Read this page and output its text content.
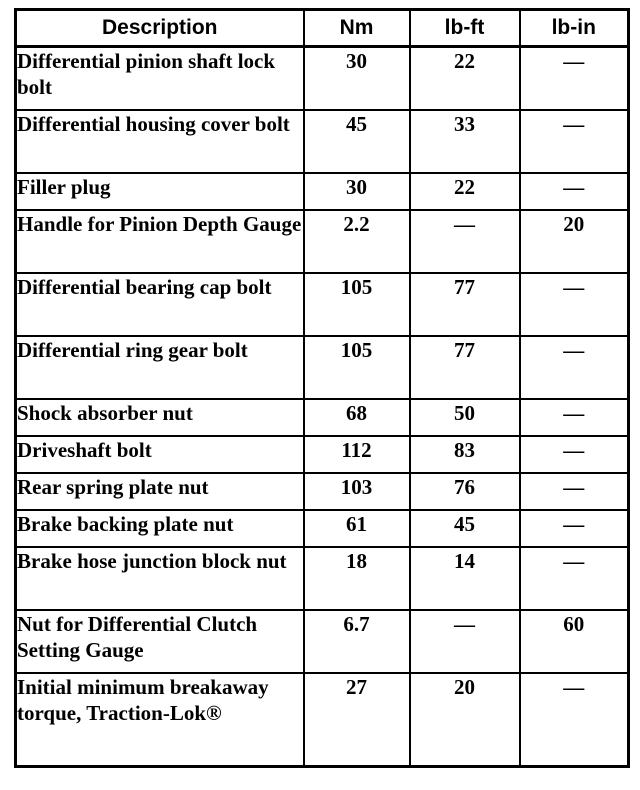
Description	Nm	lb-ft	lb-in
Differential pinion shaft lock bolt	30	22	—
Differential housing cover bolt	45	33	—
Filler plug	30	22	—
Handle for Pinion Depth Gauge	2.2	—	20
Differential bearing cap bolt	105	77	—
Differential ring gear bolt	105	77	—
Shock absorber nut	68	50	—
Driveshaft bolt	112	83	—
Rear spring plate nut	103	76	—
Brake backing plate nut	61	45	—
Brake hose junction block nut	18	14	—
Nut for Differential Clutch Setting Gauge	6.7	—	60
Initial minimum breakaway torque, Traction-Lok®	27	20	—
